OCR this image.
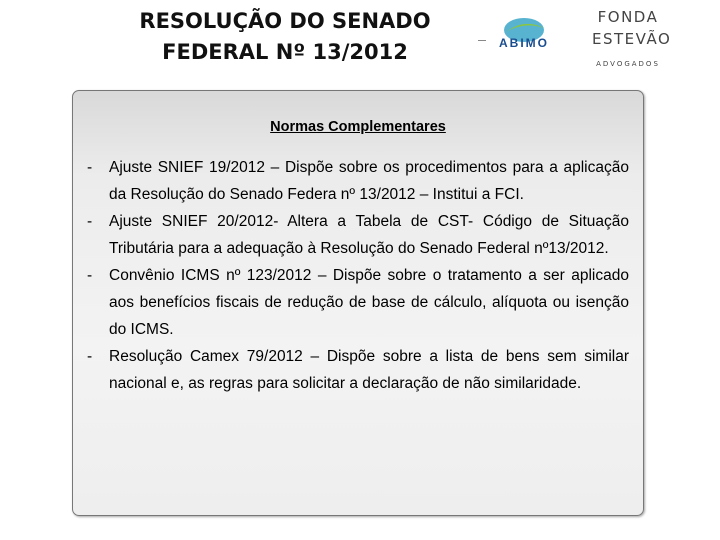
RESOLUÇÃO DO SENADO
FEDERAL Nº 13/2012	ABIMO
FONDA
ESTEVÃO
ADVOGADOS
Normas Complementares
- Ajuste SNIEF 19/2012 – Dispõe sobre os procedimentos para a aplicação da Resolução do Senado Federa nº 13/2012 – Institui a FCI.
- Ajuste SNIEF 20/2012- Altera a Tabela de CST- Código de Situação Tributária para a adequação à Resolução do Senado Federal nº13/2012.
- Convênio ICMS nº 123/2012 – Dispõe sobre o tratamento a ser aplicado aos benefícios fiscais de redução de base de cálculo, alíquota ou isenção do ICMS.
- Resolução Camex 79/2012 – Dispõe sobre a lista de bens sem similar nacional e, as regras para solicitar a declaração de não similaridade.
